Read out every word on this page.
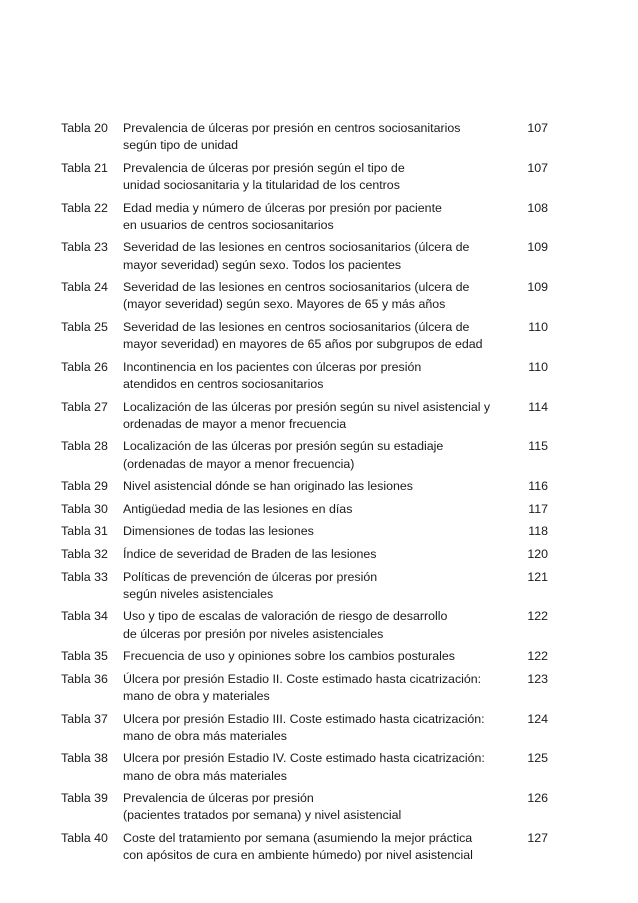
Tabla 20	Prevalencia de úlceras por presión en centros sociosanitarios
según tipo de unidad
107
Tabla 21	Prevalencia de úlceras por presión según el tipo de
unidad sociosanitaria y la titularidad de los centros
107
Tabla 22	Edad media y número de úlceras por presión por paciente
en usuarios de centros sociosanitarios
108
Tabla 23	Severidad de las lesiones en centros sociosanitarios (úlcera de
mayor severidad) según sexo. Todos los pacientes
109
Tabla 24	Severidad de las lesiones en centros sociosanitarios (ulcera de
(mayor severidad) según sexo. Mayores de 65 y más años
109
Tabla 25	Severidad de las lesiones en centros sociosanitarios (úlcera de
mayor severidad) en mayores de 65 años por subgrupos de edad
110
Tabla 26	Incontinencia en los pacientes con úlceras por presión
atendidos en centros sociosanitarios
110
Tabla 27	Localización de las úlceras por presión según su nivel asistencial y
ordenadas de mayor a menor frecuencia
114
Tabla 28	Localización de las úlceras por presión según su estadiaje
(ordenadas de mayor a menor frecuencia)
115
Tabla 29	Nivel asistencial dónde se han originado las lesiones	116
Tabla 30	Antigüedad media de las lesiones en días	117
Tabla 31	Dimensiones de todas las lesiones	118
Tabla 32	Índice de severidad de Braden de las lesiones	120
Tabla 33	Políticas de prevención de úlceras por presión
según niveles asistenciales
121
Tabla 34	Uso y tipo de escalas de valoración de riesgo de desarrollo
de úlceras por presión por niveles asistenciales
122
Tabla 35	Frecuencia de uso y opiniones sobre los cambios posturales	122
Tabla 36	Úlcera por presión Estadio II. Coste estimado hasta cicatrización:
mano de obra y materiales
123
Tabla 37	Ulcera por presión Estadio III. Coste estimado hasta cicatrización:
mano de obra más materiales
124
Tabla 38	Ulcera por presión Estadio IV. Coste estimado hasta cicatrización:
mano de obra más materiales
125
Tabla 39	Prevalencia de úlceras por presión
(pacientes tratados por semana) y nivel asistencial
126
Tabla 40	Coste del tratamiento por semana (asumiendo la mejor práctica
con apósitos de cura en ambiente húmedo) por nivel asistencial
127
